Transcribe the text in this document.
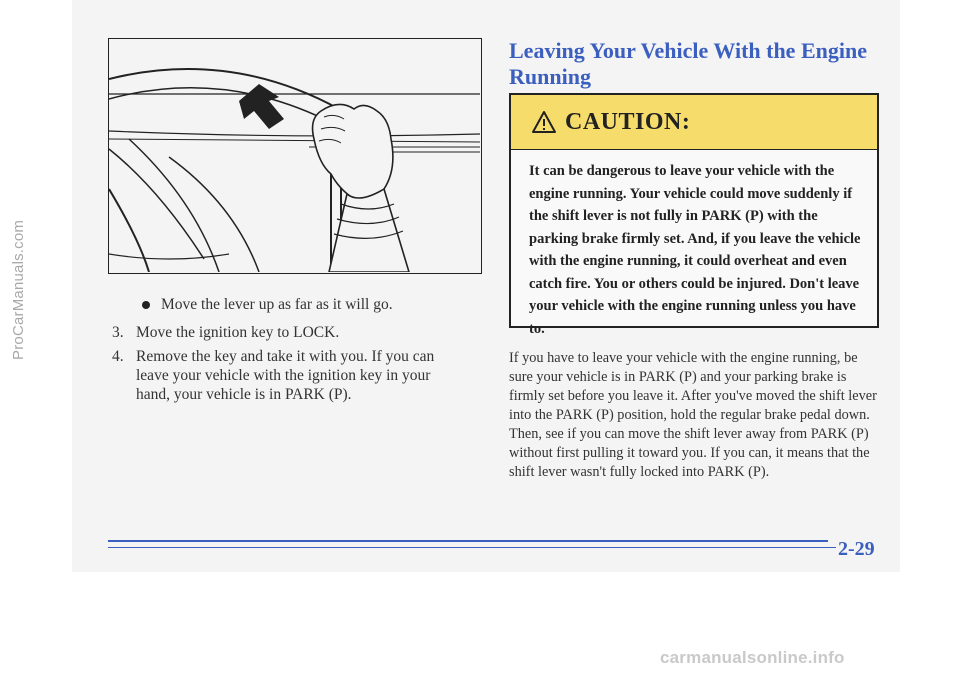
ProCarManuals.com	Move the lever up as far as it will go.
3. Move the ignition key to LOCK.
4. Remove the key and take it with you. If you can leave your vehicle with the ignition key in your hand, your vehicle is in PARK (P).
Leaving Your Vehicle With the Engine Running
CAUTION:
It can be dangerous to leave your vehicle with the engine running. Your vehicle could move suddenly if the shift lever is not fully in PARK (P) with the parking brake firmly set. And, if you leave the vehicle with the engine running, it could overheat and even catch fire. You or others could be injured. Don't leave your vehicle with the engine running unless you have to.
If you have to leave your vehicle with the engine running, be sure your vehicle is in PARK (P) and your parking brake is firmly set before you leave it. After you've moved the shift lever into the PARK (P) position, hold the regular brake pedal down. Then, see if you can move the shift lever away from PARK (P) without first pulling it toward you. If you can, it means that the shift lever wasn't fully locked into PARK (P).
2-29
carmanualsonline.info
